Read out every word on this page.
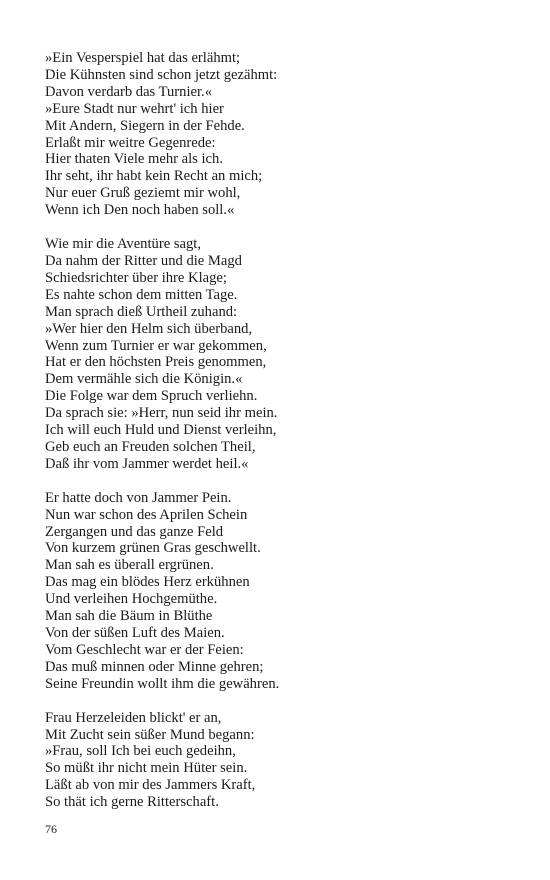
»Ein Vesperspiel hat das erlähmt;
Die Kühnsten sind schon jetzt gezähmt:
Davon verdarb das Turnier.«
»Eure Stadt nur wehrt' ich hier
Mit Andern, Siegern in der Fehde.
Erlaßt mir weitre Gegenrede:
Hier thaten Viele mehr als ich.
Ihr seht, ihr habt kein Recht an mich;
Nur euer Gruß geziemt mir wohl,
Wenn ich Den noch haben soll.«
Wie mir die Aventüre sagt,
Da nahm der Ritter und die Magd
Schiedsrichter über ihre Klage;
Es nahte schon dem mitten Tage.
Man sprach dieß Urtheil zuhand:
»Wer hier den Helm sich überband,
Wenn zum Turnier er war gekommen,
Hat er den höchsten Preis genommen,
Dem vermähle sich die Königin.«
Die Folge war dem Spruch verliehn.
Da sprach sie: »Herr, nun seid ihr mein.
Ich will euch Huld und Dienst verleihn,
Geb euch an Freuden solchen Theil,
Daß ihr vom Jammer werdet heil.«
Er hatte doch von Jammer Pein.
Nun war schon des Aprilen Schein
Zergangen und das ganze Feld
Von kurzem grünen Gras geschwellt.
Man sah es überall ergrünen.
Das mag ein blödes Herz erkühnen
Und verleihen Hochgemüthe.
Man sah die Bäum in Blüthe
Von der süßen Luft des Maien.
Vom Geschlecht war er der Feien:
Das muß minnen oder Minne gehren;
Seine Freundin wollt ihm die gewähren.
Frau Herzeleiden blickt' er an,
Mit Zucht sein süßer Mund begann:
»Frau, soll Ich bei euch gedeihn,
So müßt ihr nicht mein Hüter sein.
Läßt ab von mir des Jammers Kraft,
So thät ich gerne Ritterschaft.
76
